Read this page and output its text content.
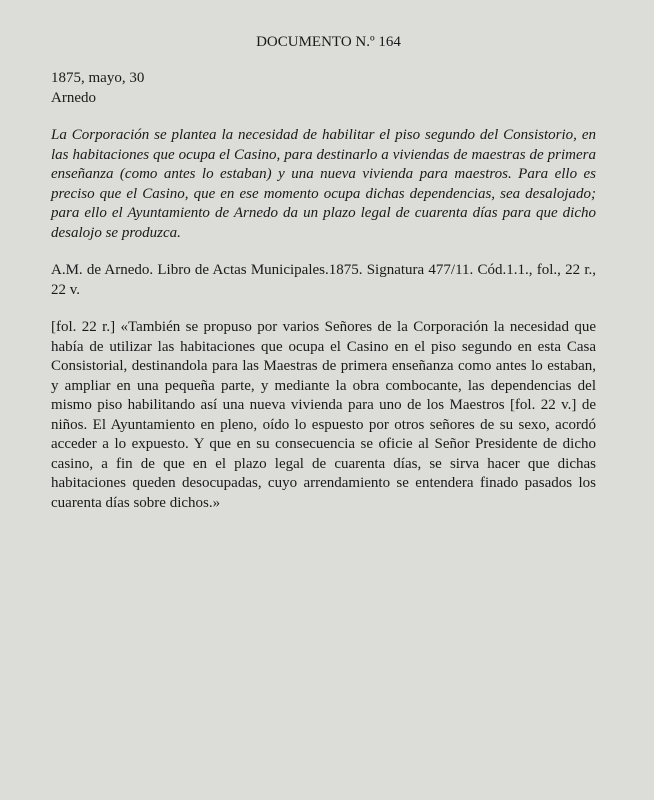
DOCUMENTO N.º 164

1875, mayo, 30

Arnedo

La Corporación se plantea la necesidad de habilitar el piso segundo del Consistorio, en las habitaciones que ocupa el Casino, para destinarlo a viviendas de maestras de primera enseñanza (como antes lo estaban) y una nueva vivienda para maestros. Para ello es preciso que el Casino, que en ese momento ocupa dichas dependencias, sea desalojado; para ello el Ayuntamiento de Arnedo da un plazo legal de cuarenta días para que dicho desalojo se produzca.

A.M. de Arnedo. Libro de Actas Municipales.1875. Signatura 477/11. Cód.1.1., fol., 22 r., 22 v.

[fol. 22 r.] «También se propuso por varios Señores de la Corporación la necesidad que había de utilizar las habitaciones que ocupa el Casino en el piso segundo en esta Casa Consistorial, destinandola para las Maestras de primera enseñanza como antes lo estaban, y ampliar en una pequeña parte, y mediante la obra combocante, las dependencias del mismo piso habilitando así una nueva vivienda para uno de los Maestros [fol. 22 v.] de niños. El Ayuntamiento en pleno, oído lo espuesto por otros señores de su sexo, acordó acceder a lo expuesto. Y que en su consecuencia se oficie al Señor Presidente de dicho casino, a fin de que en el plazo legal de cuarenta días, se sirva hacer que dichas habitaciones queden desocupadas, cuyo arrendamiento se entendera finado pasados los cuarenta días sobre dichos.»
